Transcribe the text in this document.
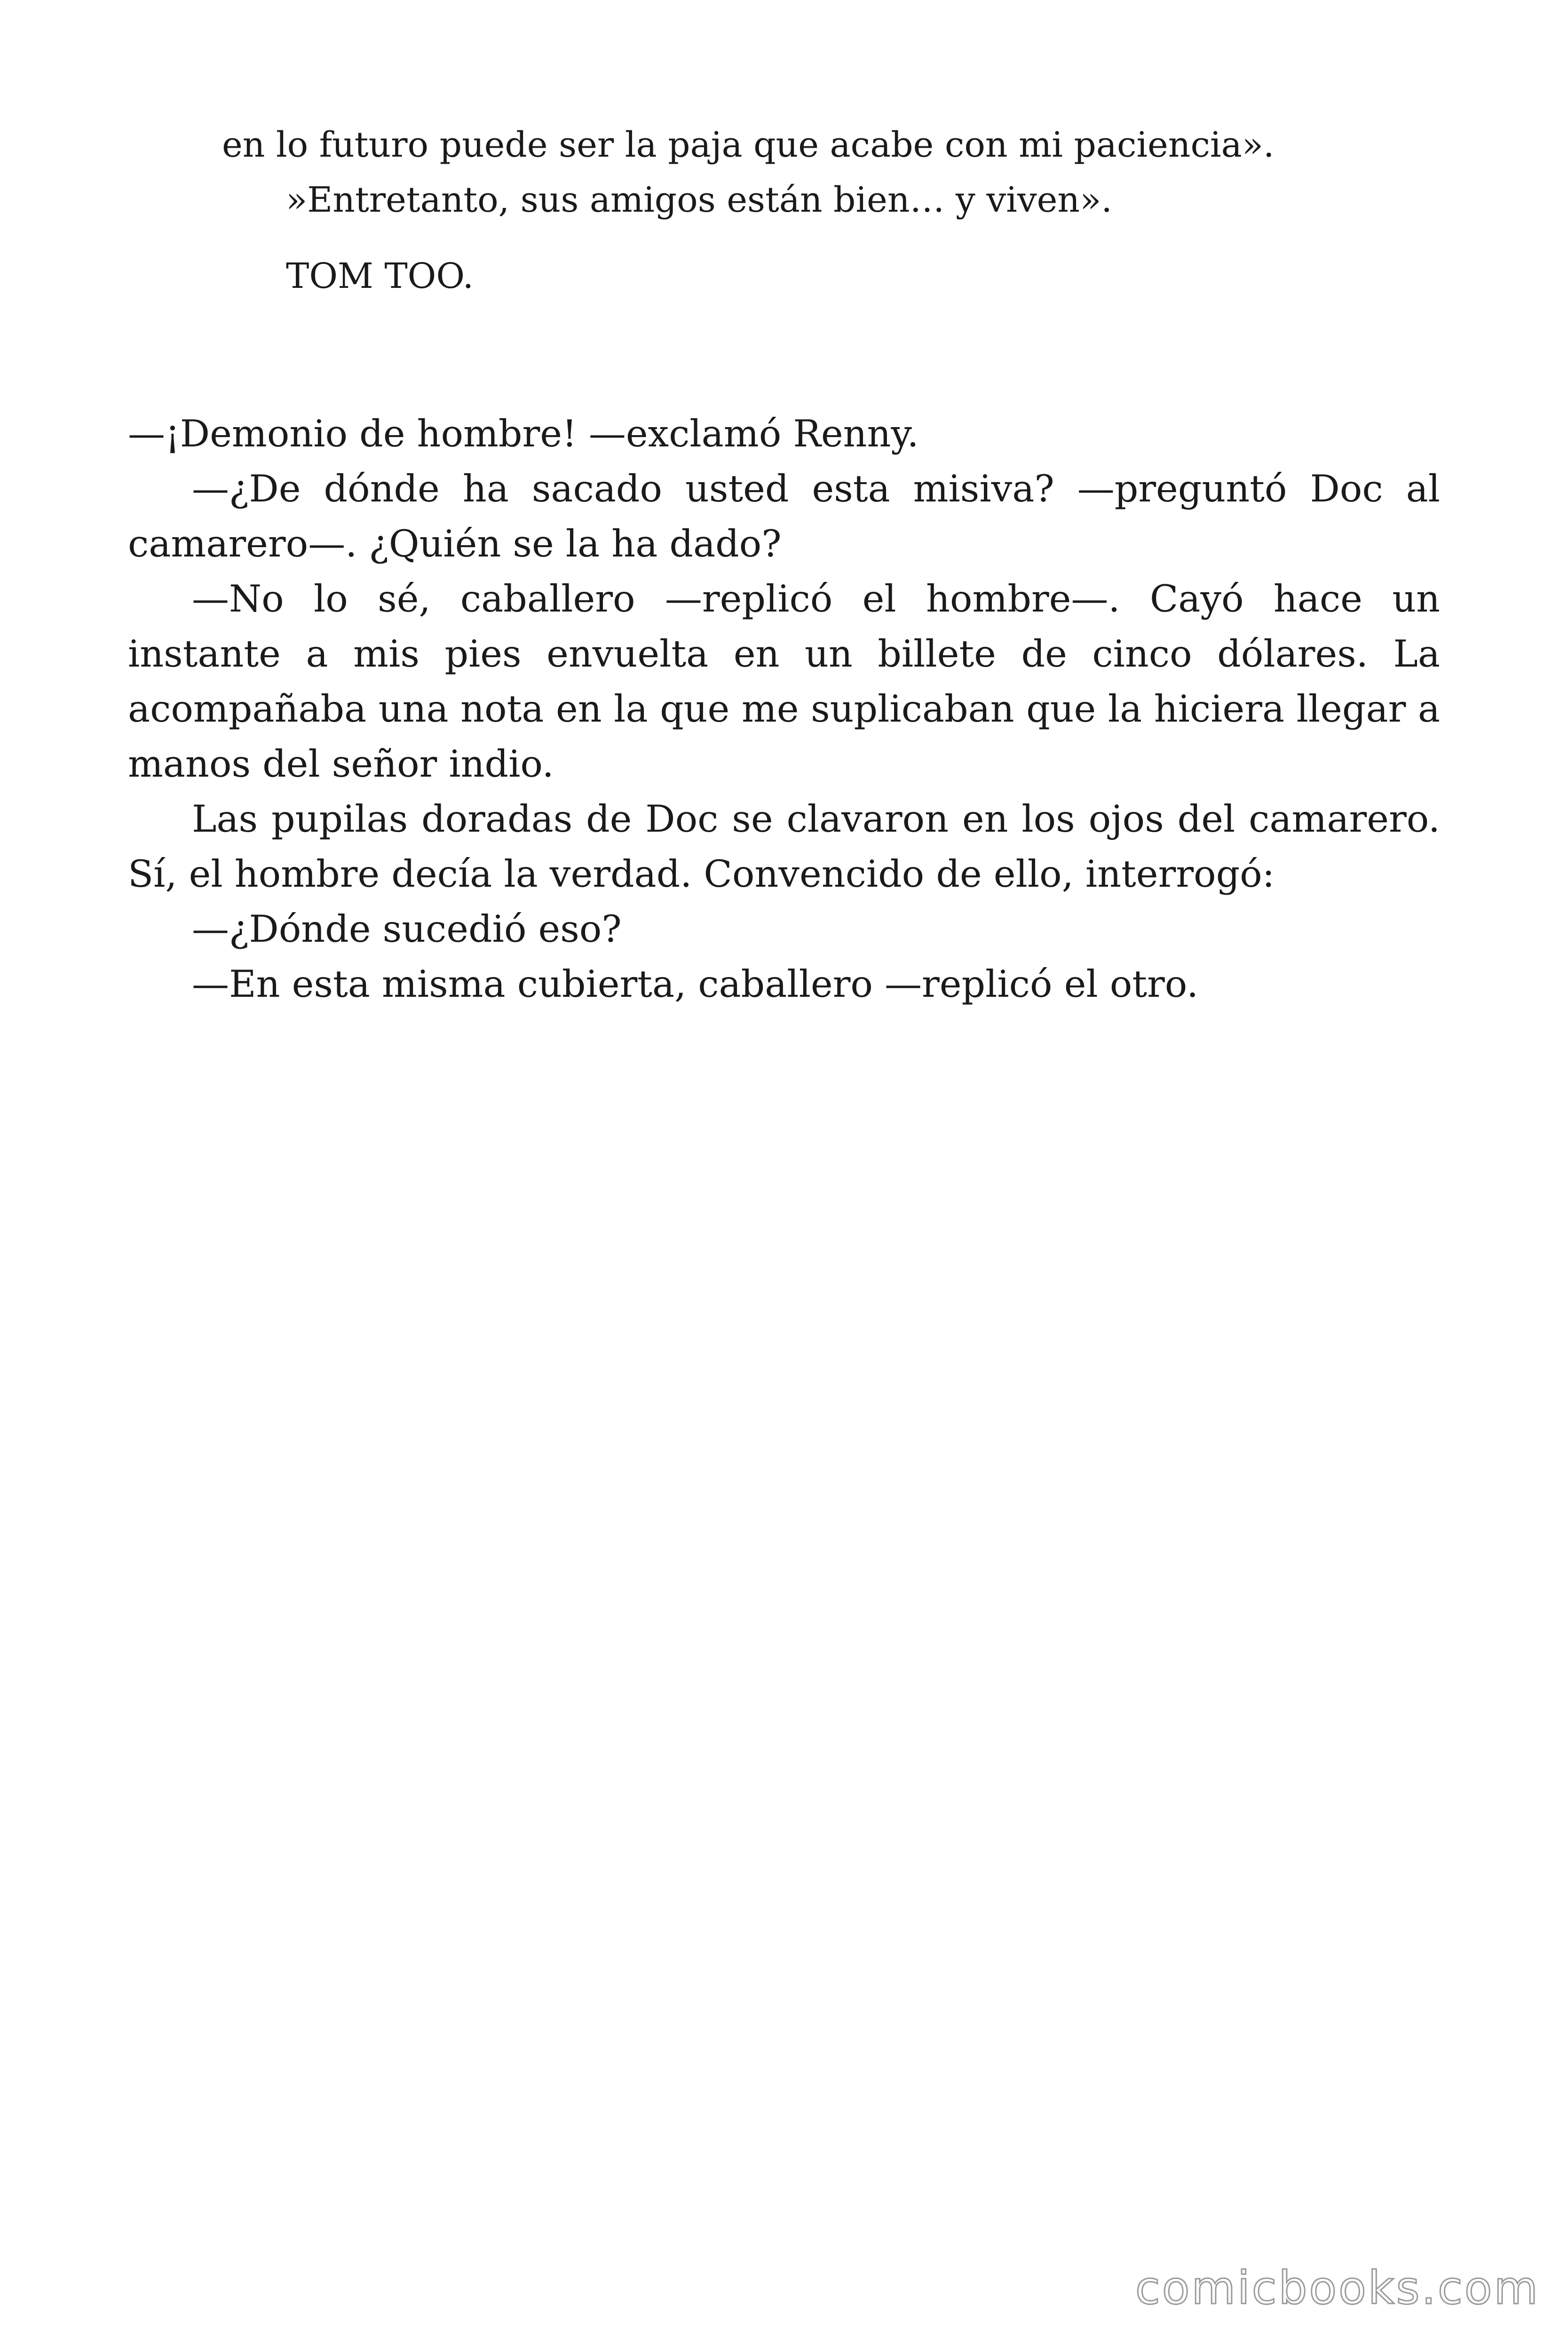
en lo futuro puede ser la paja que acabe con mi paciencia».

»Entretanto, sus amigos están bien… y viven».

TOM TOO.

—¡Demonio de hombre! —exclamó Renny.

—¿De dónde ha sacado usted esta misiva? —preguntó Doc al camarero—. ¿Quién se la ha dado?

—No lo sé, caballero —replicó el hombre—. Cayó hace un instante a mis pies envuelta en un billete de cinco dólares. La acompañaba una nota en la que me suplicaban que la hiciera llegar a manos del señor indio.

Las pupilas doradas de Doc se clavaron en los ojos del camarero. Sí, el hombre decía la verdad. Convencido de ello, interrogó:

—¿Dónde sucedió eso?

—En esta misma cubierta, caballero —replicó el otro.

comicbooks.com
